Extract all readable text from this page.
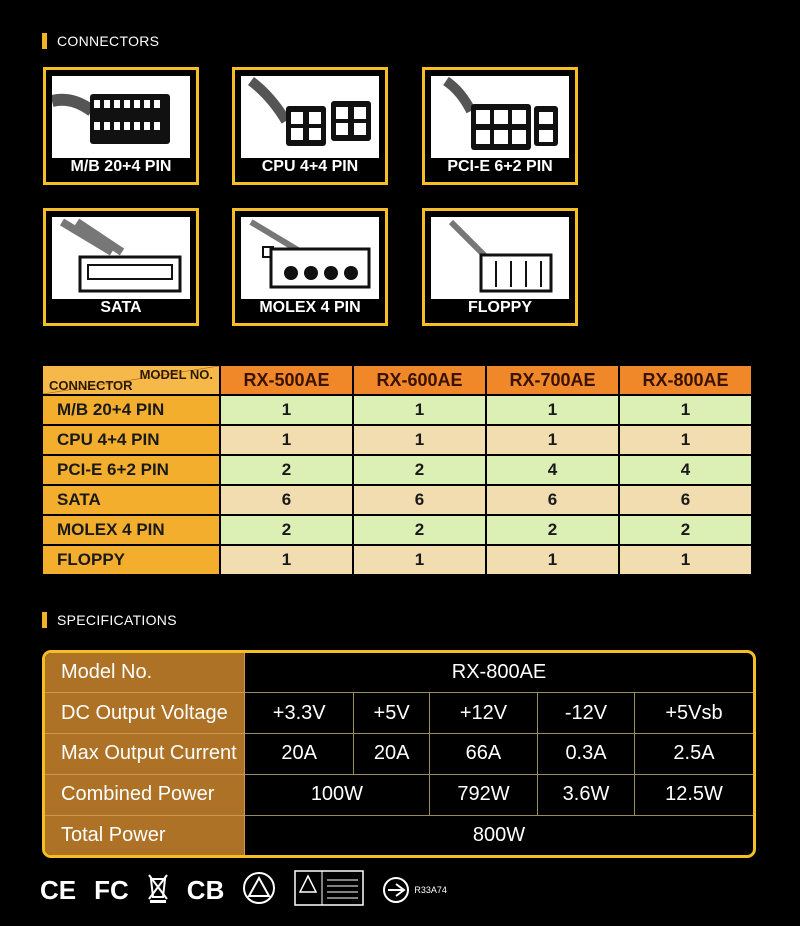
CONNECTORS
M/B 20+4 PIN	CPU 4+4 PIN	PCI-E 6+2 PIN
SATA	MOLEX 4 PIN	FLOPPY
MODEL NO.
CONNECTOR	RX-500AE	RX-600AE	RX-700AE	RX-800AE
M/B 20+4 PIN	1	1	1	1
CPU 4+4 PIN	1	1	1	1
PCI-E 6+2 PIN	2	2	4	4
SATA	6	6	6	6
MOLEX 4 PIN	2	2	2	2
FLOPPY	1	1	1	1
SPECIFICATIONS
Model No.	RX-800AE				
DC Output Voltage	+3.3V	+5V	+12V	-12V	+5Vsb
Max Output Current	20A	20A	66A	0.3A	2.5A
Combined Power	100W		792W	3.6W	12.5W
Total Power	800W				
CE FC CB	R33A74
